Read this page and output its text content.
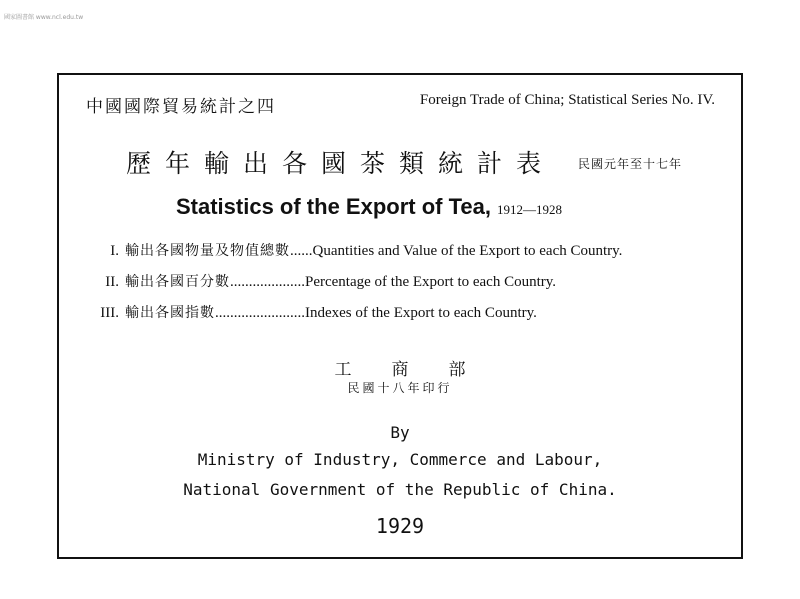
國家圖書館 www.ncl.edu.tw
中國國際貿易統計之四	Foreign Trade of China; Statistical Series No. IV.
歷年輸出各國茶類統計表 民國元年至十七年
Statistics of the Export of Tea, 1912—1928
I. 輸出各國物量及物值總數......Quantities and Value of the Export to each Country.
II. 輸出各國百分數....................Percentage of the Export to each Country.
III. 輸出各國指數........................Indexes of the Export to each Country.
工商部
民國十八年印行
By
Ministry of Industry, Commerce and Labour,
National Government of the Republic of China.
1929
